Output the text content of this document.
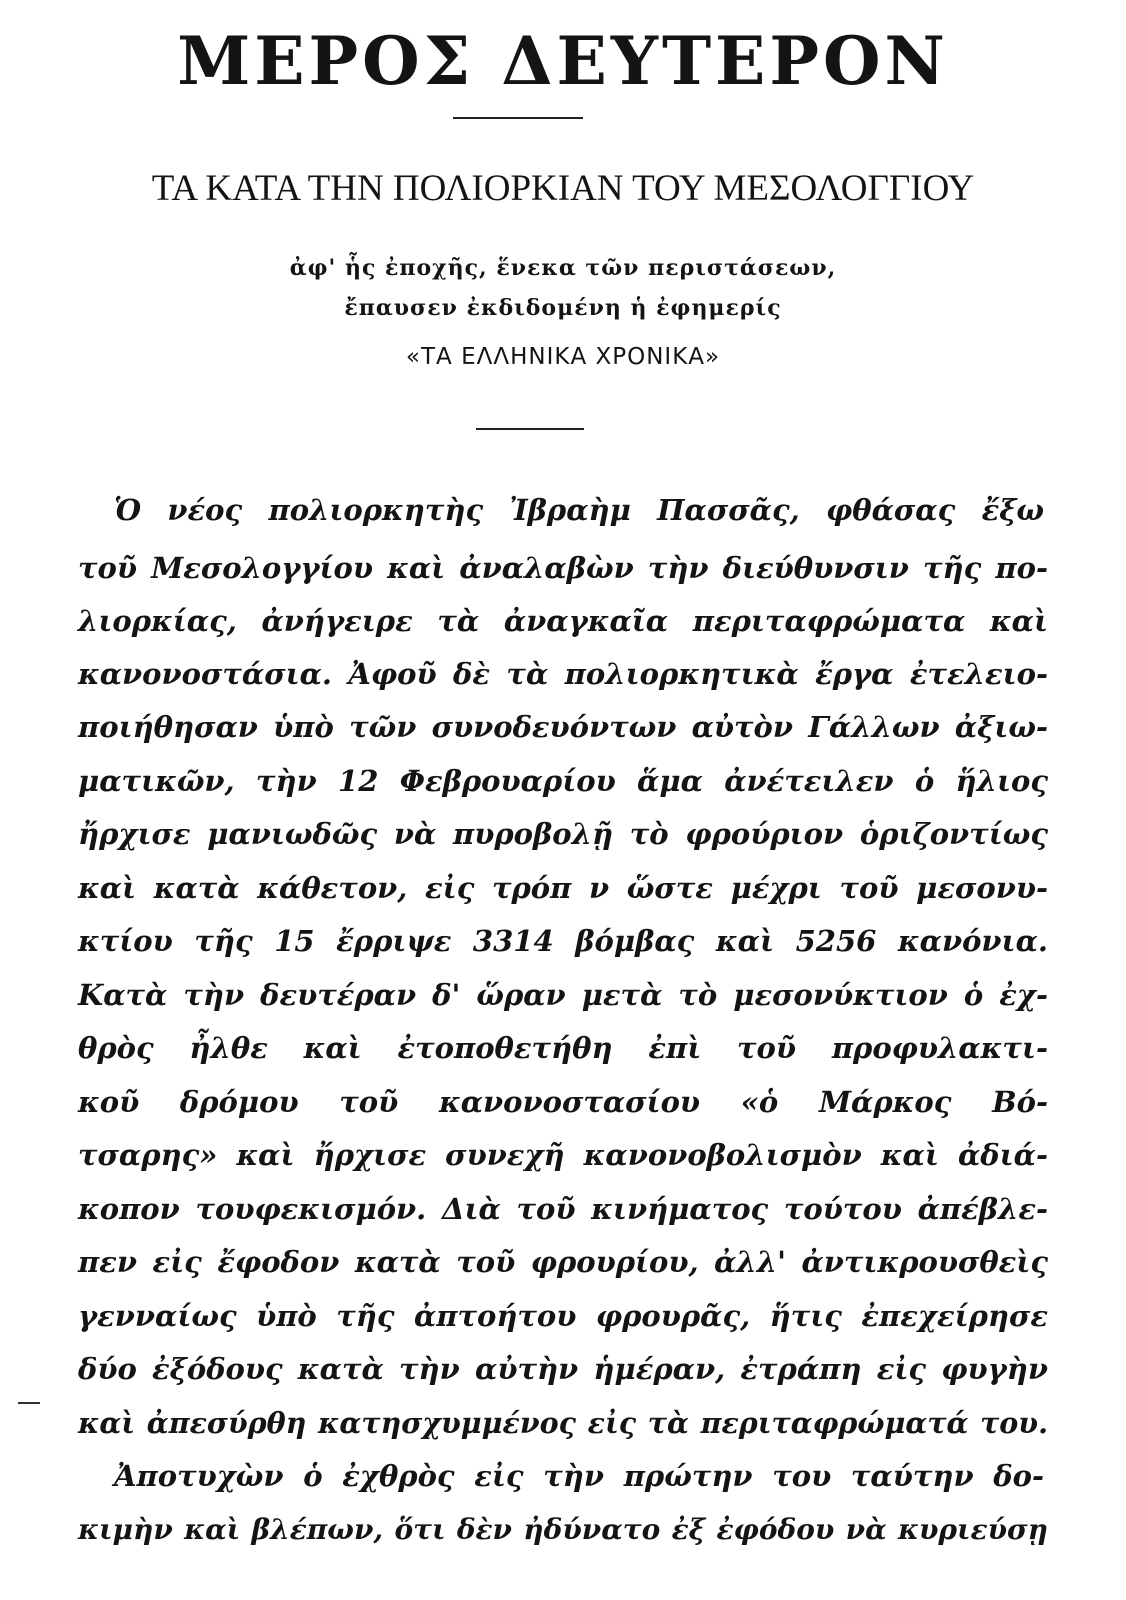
ΜΕΡΟΣ ΔΕΥΤΕΡΟΝ
ΤΑ ΚΑΤΑ ΤΗΝ ΠΟΛΙΟΡΚΙΑΝ ΤΟΥ ΜΕΣΟΛΟΓΓΙΟΥ
ἀφ' ἧς ἐποχῆς, ἕνεκα τῶν περιστάσεων,
ἔπαυσεν ἐκδιδομένη ἡ ἐφημερίς
«ΤΑ ΕΛΛΗΝΙΚΑ ΧΡΟΝΙΚΑ»
Ὁ νέος πολιορκητὴς Ἰβραὴμ Πασσᾶς, φθάσας ἔξω
τοῦ Μεσολογγίου καὶ ἀναλαβὼν τὴν διεύθυνσιν τῆς πο-
λιορκίας, ἀνήγειρε τὰ ἀναγκαῖα περιταφρώματα καὶ
κανονοστάσια. Ἀφοῦ δὲ τὰ πολιορκητικὰ ἔργα ἐτελειο-
ποιήθησαν ὑπὸ τῶν συνοδευόντων αὐτὸν Γάλλων ἀξιω-
ματικῶν, τὴν 12 Φεβρουαρίου ἅμα ἀνέτειλεν ὁ ἥλιος
ἤρχισε μανιωδῶς νὰ πυροβολῇ τὸ φρούριον ὁριζοντίως
καὶ κατὰ κάθετον, εἰς τρόπ ν ὥστε μέχρι τοῦ μεσονυ-
κτίου τῆς 15 ἔρριψε 3314 βόμβας καὶ 5256 κανόνια.
Κατὰ τὴν δευτέραν δ' ὥραν μετὰ τὸ μεσονύκτιον ὁ ἐχ-
θρὸς ἦλθε καὶ ἐτοποθετήθη ἐπὶ τοῦ προφυλακτι-
κοῦ δρόμου τοῦ κανονοστασίου «ὁ Μάρκος Βό-
τσαρης» καὶ ἤρχισε συνεχῆ κανονοβολισμὸν καὶ ἀδιά-
κοπον τουφεκισμόν. Διὰ τοῦ κινήματος τούτου ἀπέβλε-
πεν εἰς ἔφοδον κατὰ τοῦ φρουρίου, ἀλλ' ἀντικρουσθεὶς
γενναίως ὑπὸ τῆς ἀπτοήτου φρουρᾶς, ἥτις ἐπεχείρησε
δύο ἐξόδους κατὰ τὴν αὐτὴν ἡμέραν, ἐτράπη εἰς φυγὴν
καὶ ἀπεσύρθη κατησχυμμένος εἰς τὰ περιταφρώματά του.
Ἀποτυχὼν ὁ ἐχθρὸς εἰς τὴν πρώτην του ταύτην δο-
κιμὴν καὶ βλέπων, ὅτι δὲν ἠδύνατο ἐξ ἐφόδου νὰ κυριεύσῃ
